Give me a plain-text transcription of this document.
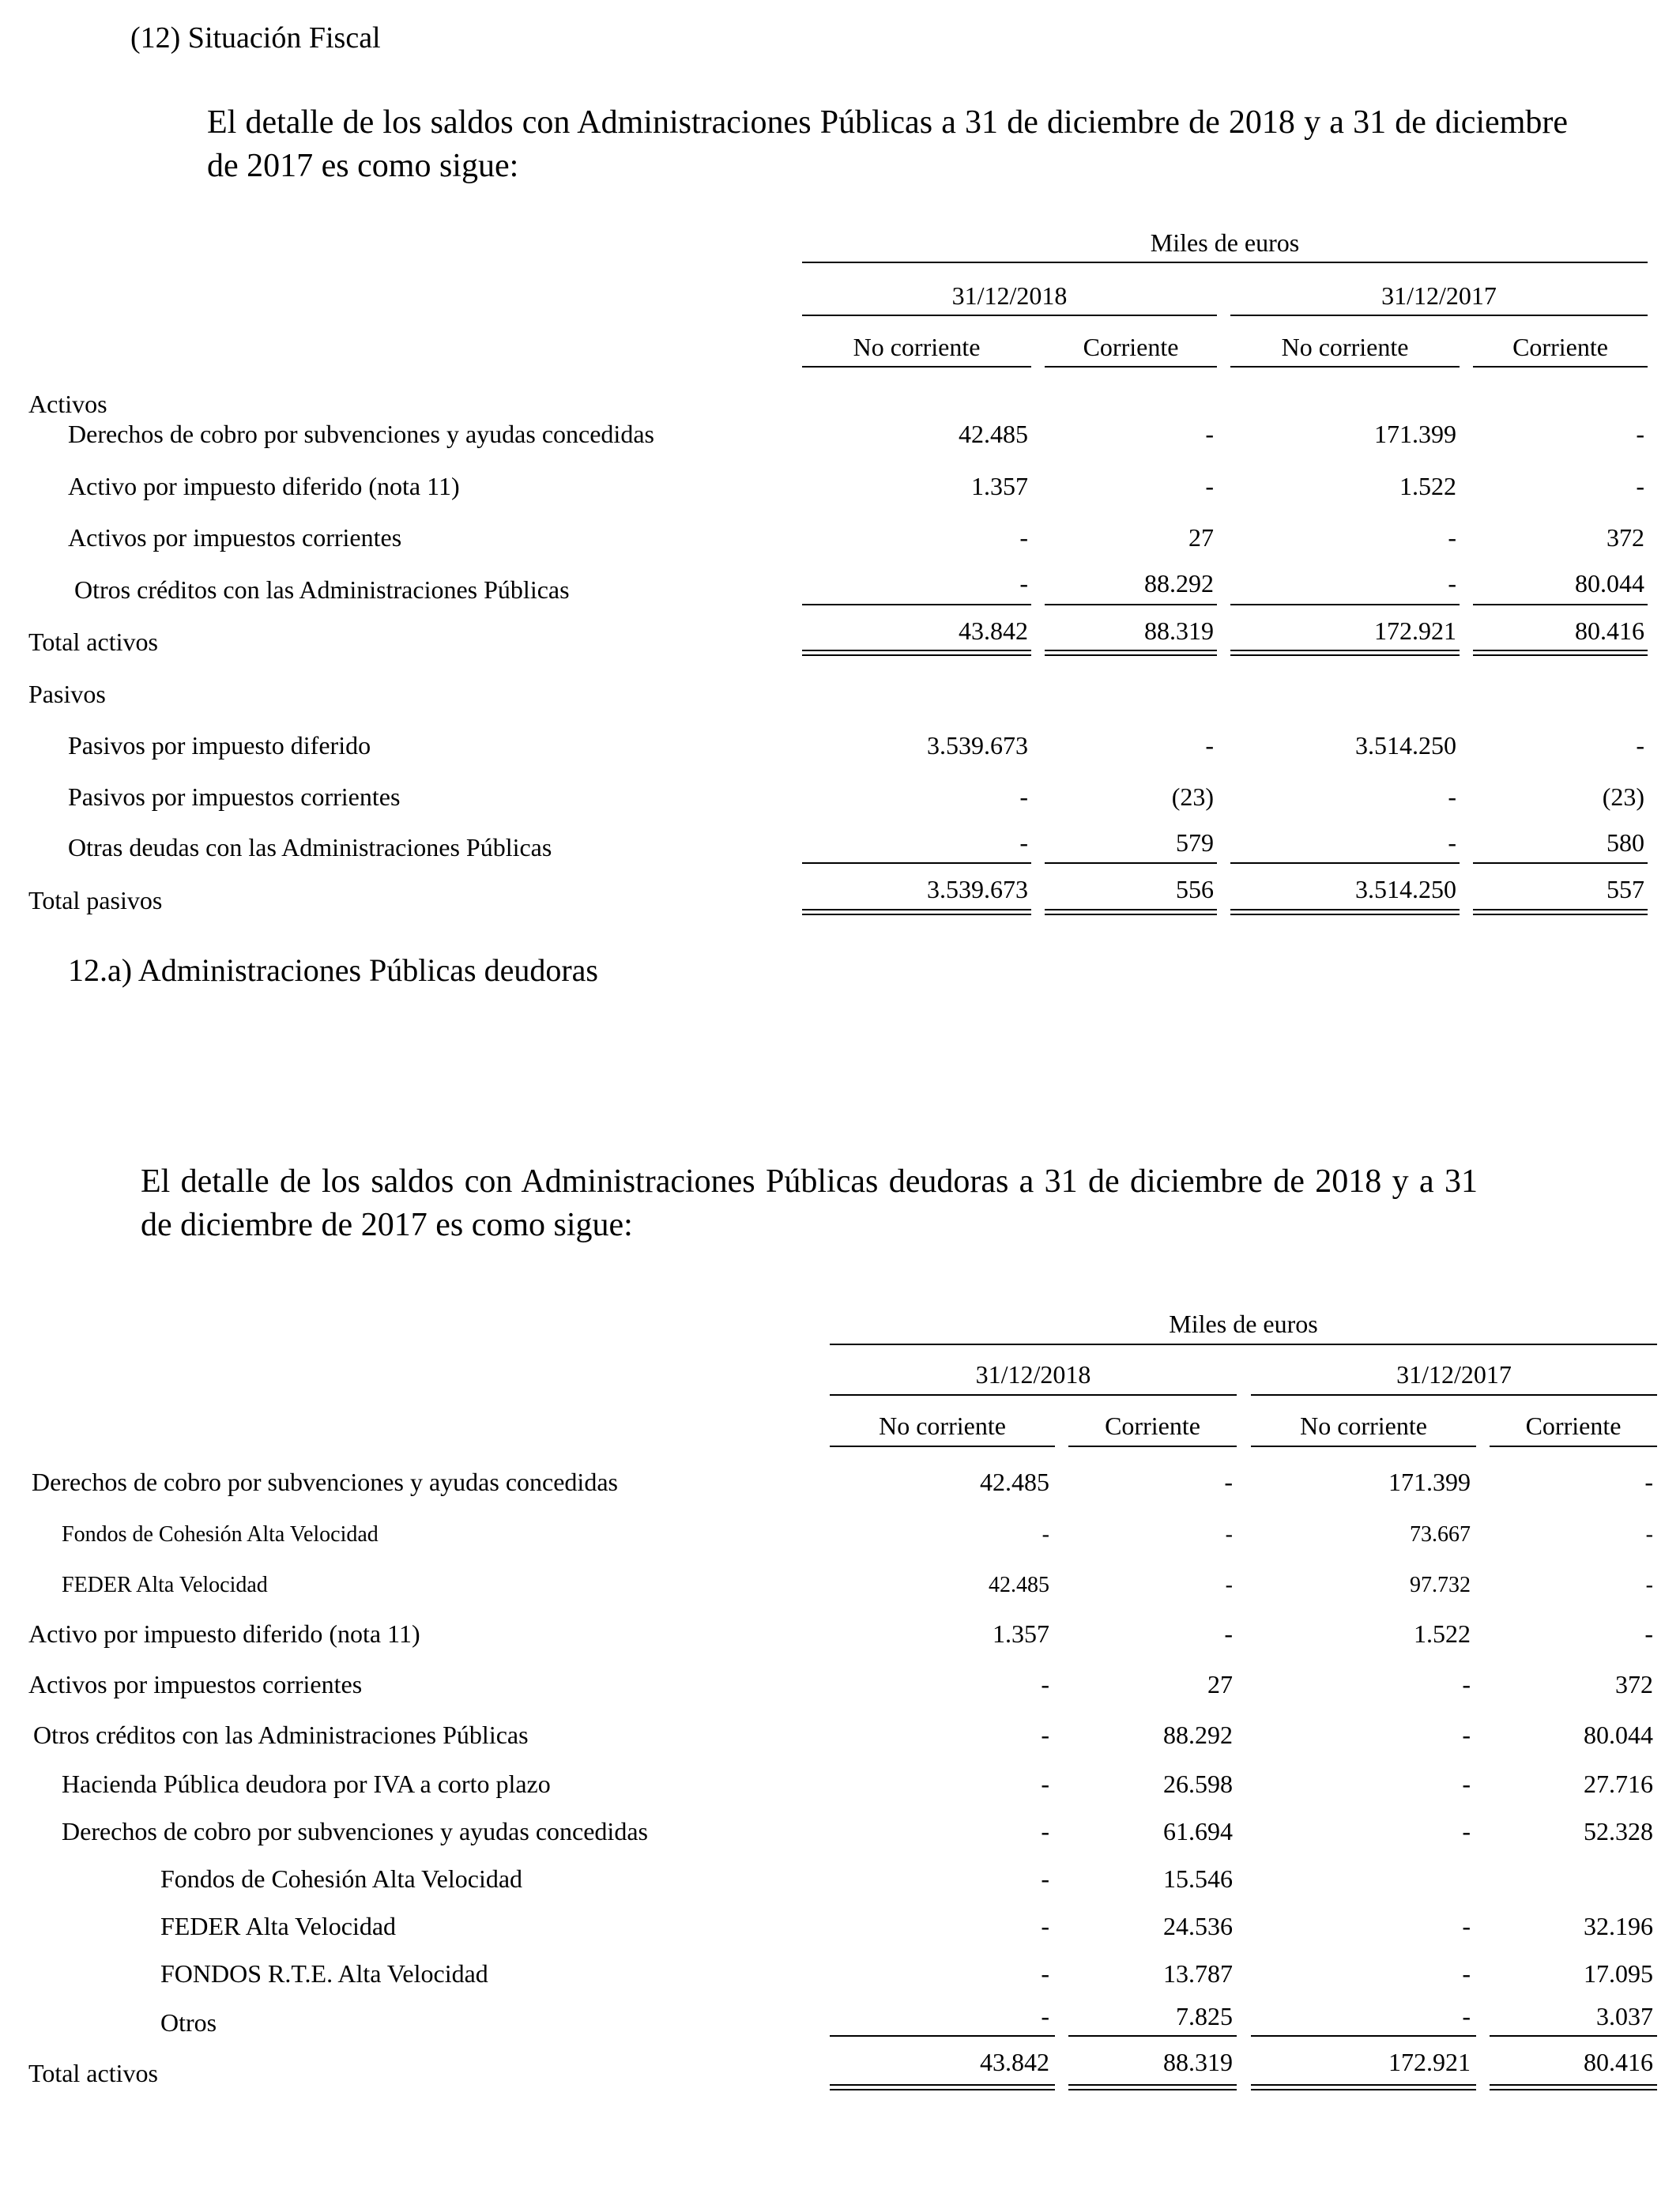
(12) Situación Fiscal
El detalle de los saldos con Administraciones Públicas a 31 de diciembre de 2018 y a 31 de diciembre de 2017 es como sigue:
Miles de euros
31/12/2018	31/12/2017
No corriente	Corriente	No corriente	Corriente
Activos
Derechos de cobro por subvenciones y ayudas concedidas	42.485	-	171.399	-
Activo por impuesto diferido (nota 11)	1.357	-	1.522	-
Activos por impuestos corrientes	-	27	-	372
Otros créditos con las Administraciones Públicas	-	88.292	-	80.044
Total activos	43.842	88.319	172.921	80.416
Pasivos
Pasivos por impuesto diferido	3.539.673	-	3.514.250	-
Pasivos por impuestos corrientes	-	(23)	-	(23)
Otras deudas con las Administraciones Públicas	-	579	-	580
Total pasivos	3.539.673	556	3.514.250	557
12.a) Administraciones Públicas deudoras
El detalle de los saldos con Administraciones Públicas deudoras a 31 de diciembre de 2018 y a 31 de diciembre de 2017 es como sigue:
Miles de euros
31/12/2018	31/12/2017
No corriente	Corriente	No corriente	Corriente
Derechos de cobro por subvenciones y ayudas concedidas	42.485	-	171.399	-
Fondos de Cohesión Alta Velocidad	-	-	73.667	-
FEDER Alta Velocidad	42.485	-	97.732	-
Activo por impuesto diferido (nota 11)	1.357	-	1.522	-
Activos por impuestos corrientes	-	27	-	372
Otros créditos con las Administraciones Públicas	-	88.292	-	80.044
Hacienda Pública deudora por IVA a corto plazo	-	26.598	-	27.716
Derechos de cobro por subvenciones y ayudas concedidas	-	61.694	-	52.328
Fondos de Cohesión Alta Velocidad	-	15.546
FEDER Alta Velocidad	-	24.536	-	32.196
FONDOS R.T.E. Alta Velocidad	-	13.787	-	17.095
Otros	-	7.825	-	3.037
Total activos	43.842	88.319	172.921	80.416
